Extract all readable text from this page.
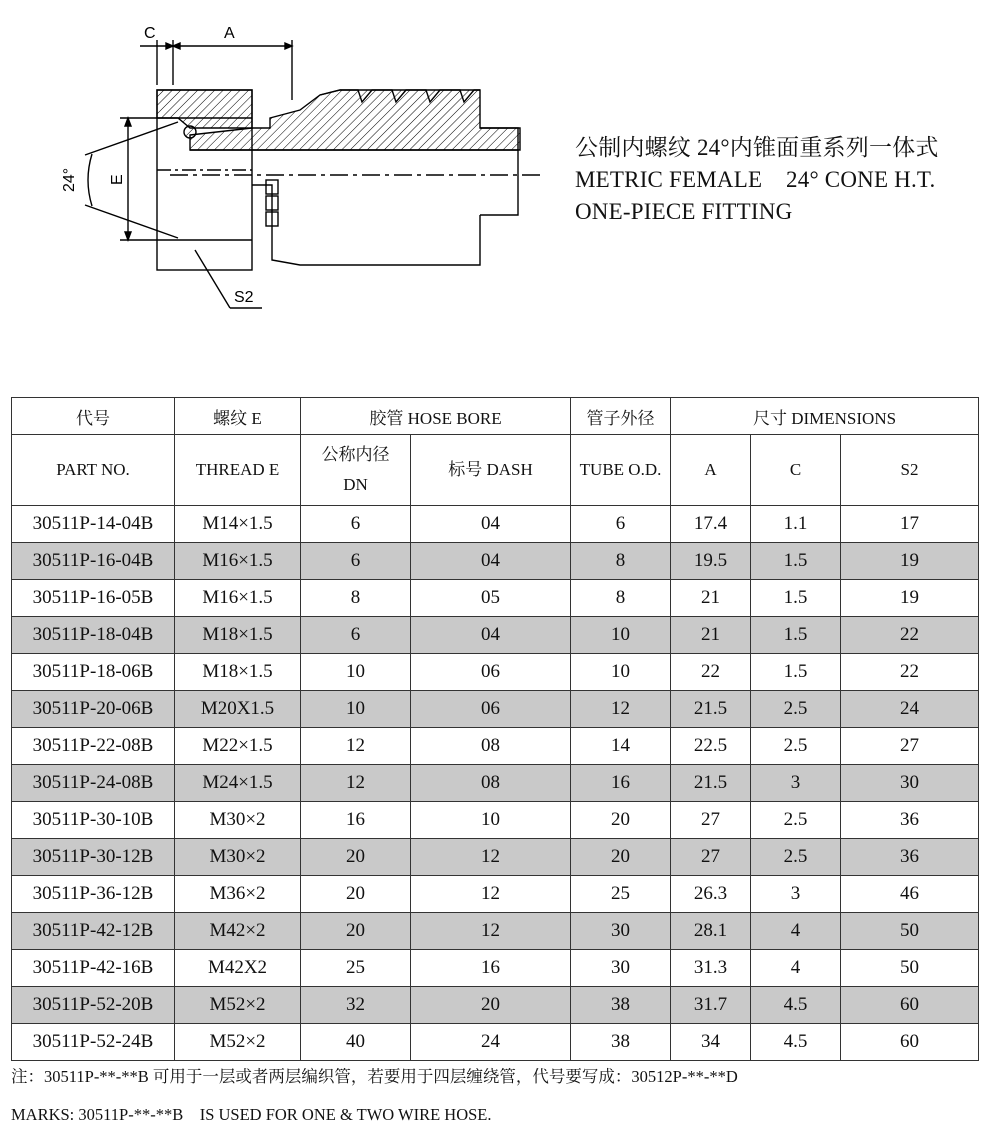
C	A
E
24°
S2
公制内螺纹 24°内锥面重系列一体式
METRIC FEMALE    24° CONE H.T.
ONE-PIECE FITTING
代号	螺纹 E	胶管 HOSE BORE		管子外径	尺寸 DIMENSIONS		
PART NO.	THREAD E	公称内径
DN	标号 DASH	TUBE O.D.	A	C	S2
30511P-14-04B	M14×1.5	6	04	6	17.4	1.1	17
30511P-16-04B	M16×1.5	6	04	8	19.5	1.5	19
30511P-16-05B	M16×1.5	8	05	8	21	1.5	19
30511P-18-04B	M18×1.5	6	04	10	21	1.5	22
30511P-18-06B	M18×1.5	10	06	10	22	1.5	22
30511P-20-06B	M20X1.5	10	06	12	21.5	2.5	24
30511P-22-08B	M22×1.5	12	08	14	22.5	2.5	27
30511P-24-08B	M24×1.5	12	08	16	21.5	3	30
30511P-30-10B	M30×2	16	10	20	27	2.5	36
30511P-30-12B	M30×2	20	12	20	27	2.5	36
30511P-36-12B	M36×2	20	12	25	26.3	3	46
30511P-42-12B	M42×2	20	12	30	28.1	4	50
30511P-42-16B	M42X2	25	16	30	31.3	4	50
30511P-52-20B	M52×2	32	20	38	31.7	4.5	60
30511P-52-24B	M52×2	40	24	38	34	4.5	60
注：30511P-**-**B 可用于一层或者两层编织管，若要用于四层缠绕管，代号要写成：30512P-**-**D
MARKS: 30511P-**-**B    IS USED FOR ONE & TWO WIRE HOSE.
